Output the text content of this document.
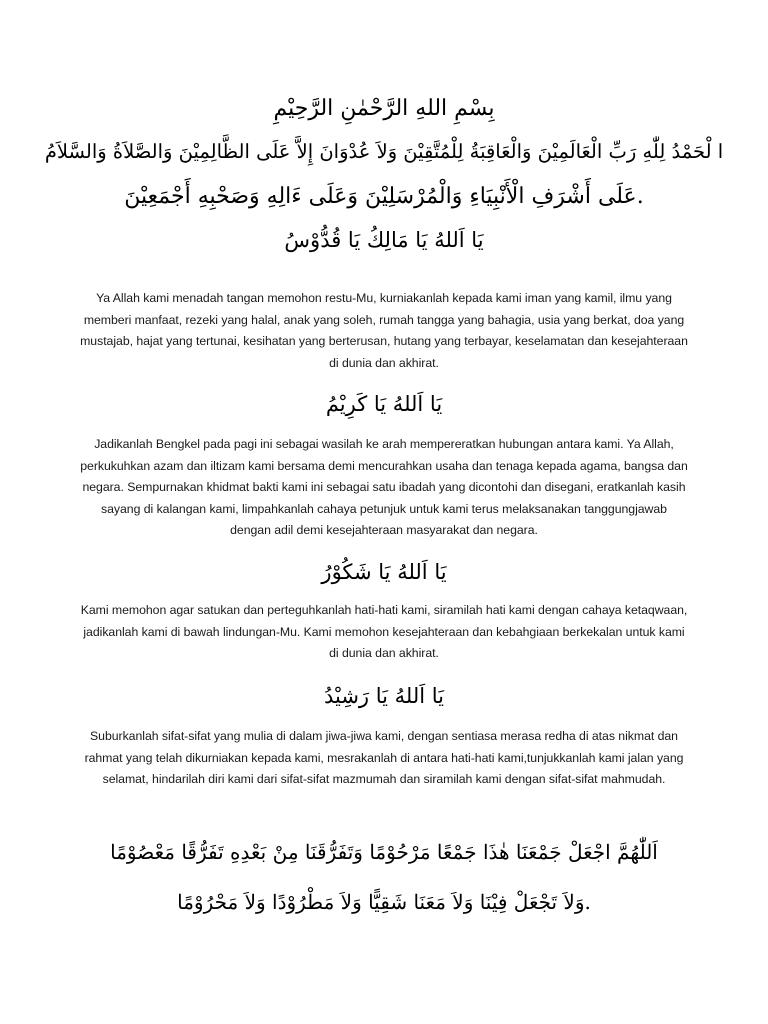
بِسْمِ اللهِ الرَّحْمٰنِ الرَّحِيْمِ
ا لْحَمْدُ لِلّٰهِ رَبِّ الْعَالَمِيْنَ وَالْعَاقِبَةُ لِلْمُتَّقِيْنَ وَلاَ عُدْوَانَ إِلاَّ عَلَى الظَّالِمِيْنَ وَالصَّلاَةُ وَالسَّلاَمُ
.عَلَى أَشْرَفِ الْأَنْبِيَاءِ وَالْمُرْسَلِيْنَ وَعَلَى ءَالِهِ وَصَحْبِهِ أَجْمَعِيْنَ
يَا اَللهُ يَا مَالِكُ يَا قُدُّوْسُ
Ya Allah kami menadah tangan memohon restu-Mu, kurniakanlah kepada kami iman yang kamil, ilmu yang memberi manfaat, rezeki yang halal, anak yang soleh, rumah tangga yang bahagia, usia yang berkat, doa yang mustajab, hajat yang tertunai, kesihatan yang berterusan, hutang yang terbayar, keselamatan dan kesejahteraan di dunia dan akhirat.
يَا اَللهُ يَا كَرِيْمُ
Jadikanlah Bengkel pada pagi ini sebagai wasilah ke arah mempereratkan hubungan antara kami. Ya Allah, perkukuhkan azam dan iltizam kami bersama demi mencurahkan usaha dan tenaga kepada agama, bangsa dan negara. Sempurnakan khidmat bakti kami ini sebagai satu ibadah yang dicontohi dan disegani, eratkanlah kasih sayang di kalangan kami, limpahkanlah cahaya petunjuk untuk kami terus melaksanakan tanggungjawab dengan adil demi kesejahteraan masyarakat dan negara.
يَا اَللهُ يَا شَكُوْرُ
Kami memohon agar satukan dan perteguhkanlah hati-hati kami, siramilah hati kami dengan cahaya ketaqwaan, jadikanlah kami di bawah lindungan-Mu. Kami memohon kesejahteraan dan kebahgiaan berkekalan untuk kami di dunia dan akhirat.
يَا اَللهُ يَا رَشِيْدُ
Suburkanlah sifat-sifat yang mulia di dalam jiwa-jiwa kami, dengan sentiasa merasa redha di atas nikmat dan rahmat yang telah dikurniakan kepada kami, mesrakanlah di antara hati-hati kami,tunjukkanlah kami jalan yang selamat, hindarilah diri kami dari sifat-sifat mazmumah dan siramilah kami dengan sifat-sifat mahmudah.
اَللّٰهُمَّ اجْعَلْ جَمْعَنَا هٰذَا جَمْعًا مَرْحُوْمًا وَتَفَرُّقَنَا مِنْ بَعْدِهِ تَفَرُّقًا مَعْصُوْمًا
.وَلاَ تَجْعَلْ فِيْنَا وَلاَ مَعَنَا شَقِيًّا وَلاَ مَطْرُوْدًا وَلاَ مَحْرُوْمًا
